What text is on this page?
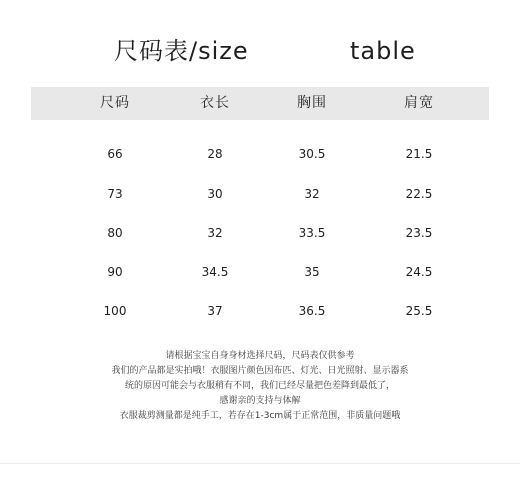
尺码表/size	table
尺码	衣长	胸围	肩宽
66	28	30.5	21.5
73	30	32	22.5
80	32	33.5	23.5
90	34.5	35	24.5
100	37	36.5	25.5
请根据宝宝自身身材选择尺码，尺码表仅供参考
我们的产品都是实拍哦！衣服图片颜色因布匹、灯光、日光照射、显示器系
统的原因可能会与衣服稍有不同，我们已经尽量把色差降到最低了，
感谢亲的支持与体解
衣服裁剪测量都是纯手工，若存在1-3cm属于正常范围，非质量问题哦
